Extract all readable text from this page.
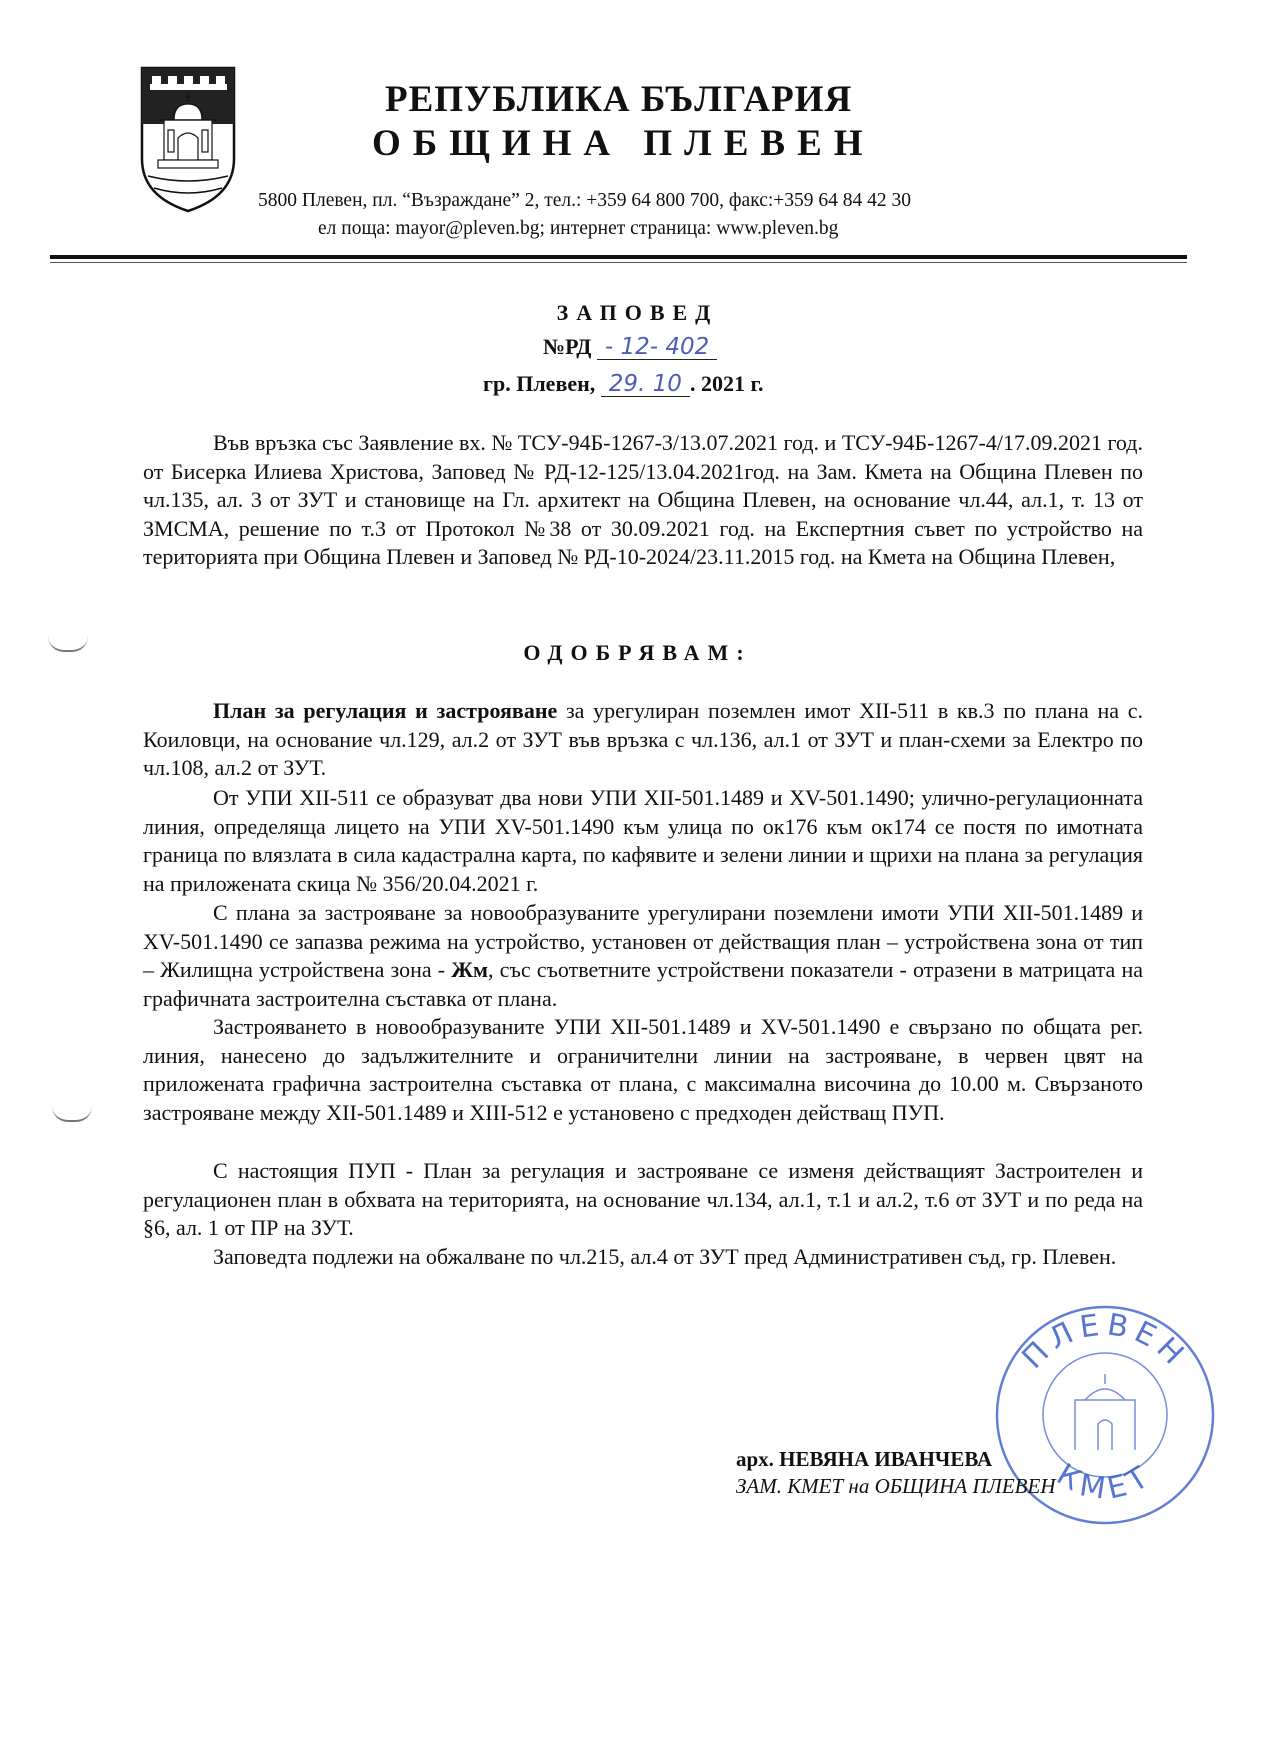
РЕПУБЛИКА БЪЛГАРИЯ
ОБЩИНА ПЛЕВЕН
5800 Плевен, пл. “Възраждане” 2, тел.: +359 64 800 700, факс:+359 64 84 42 30
ел поща: mayor@pleven.bg; интернет страница: www.pleven.bg
ЗАПОВЕД
№РД - 12- 402
гр. Плевен, 29. 10 . 2021 г.
Във връзка със Заявление вх. № ТСУ-94Б-1267-3/13.07.2021 год. и ТСУ-94Б-1267-4/17.09.2021 год. от Бисерка Илиева Христова, Заповед № РД-12-125/13.04.2021год. на Зам. Кмета на Община Плевен по чл.135, ал. 3 от ЗУТ и становище на Гл. архитект на Община Плевен, на основание чл.44, ал.1, т. 13 от ЗМСМА, решение по т.3 от Протокол №38 от 30.09.2021 год. на Експертния съвет по устройство на територията при Община Плевен и Заповед № РД-10-2024/23.11.2015 год. на Кмета на Община Плевен,
ОДОБРЯВАМ:
План за регулация и застрояване за урегулиран поземлен имот XII-511 в кв.3 по плана на с. Коиловци, на основание чл.129, ал.2 от ЗУТ във връзка с чл.136, ал.1 от ЗУТ и план-схеми за Електро по чл.108, ал.2 от ЗУТ.
От УПИ XII-511 се образуват два нови УПИ XII-501.1489 и XV-501.1490; улично-регулационната линия, определяща лицето на УПИ XV-501.1490 към улица по ок176 към ок174 се постя по имотната граница по влязлата в сила кадастрална карта, по кафявите и зелени линии и щрихи на плана за регулация на приложената скица № 356/20.04.2021 г.
С плана за застрояване за новообразуваните урегулирани поземлени имоти УПИ XII-501.1489 и XV-501.1490 се запазва режима на устройство, установен от действащия план – устройствена зона от тип – Жилищна устройствена зона - Жм, със съответните устройствени показатели - отразени в матрицата на графичната застроителна съставка от плана.
Застрояването в новообразуваните УПИ XII-501.1489 и XV-501.1490 е свързано по общата рег. линия, нанесено до задължителните и ограничителни линии на застрояване, в червен цвят на приложената графична застроителна съставка от плана, с максимална височина до 10.00 м. Свързаното застрояване между XII-501.1489 и XIII-512 е установено с предходен действащ ПУП.
С настоящия ПУП - План за регулация и застрояване се изменя действащият Застроителен и регулационен план в обхвата на територията, на основание чл.134, ал.1, т.1 и ал.2, т.6 от ЗУТ и по реда на §6, ал. 1 от ПР на ЗУТ.
Заповедта подлежи на обжалване по чл.215, ал.4 от ЗУТ пред Административен съд, гр. Плевен.
ПЛЕВЕН
КМЕТ
арх. НЕВЯНА ИВАНЧЕВА
ЗАМ. КМЕТ на ОБЩИНА ПЛЕВЕН
